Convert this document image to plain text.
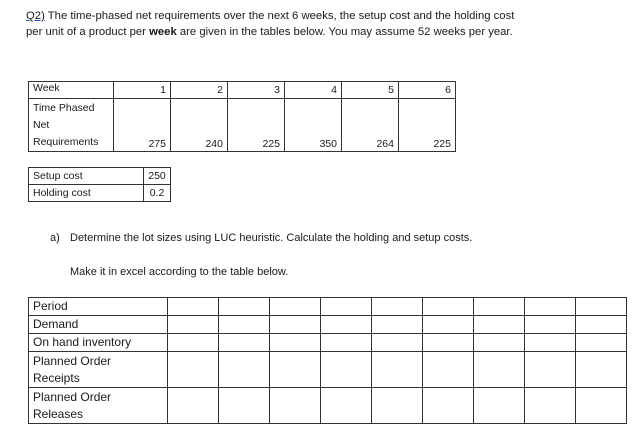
Q2) The time-phased net requirements over the next 6 weeks, the setup cost and the holding cost
per unit of a product per week are given in the tables below. You may assume 52 weeks per year.
Week	1	2	3	4	5	6

Time Phased
Net
Requirements	275	240	225	350	264	225
Setup cost	250
Holding cost	0.2
a) Determine the lot sizes using LUC heuristic. Calculate the holding and setup costs.
Make it in excel according to the table below.
Period									
Demand									
On hand inventory									

Planned Order
Receipts									

Planned Order
Releases									
